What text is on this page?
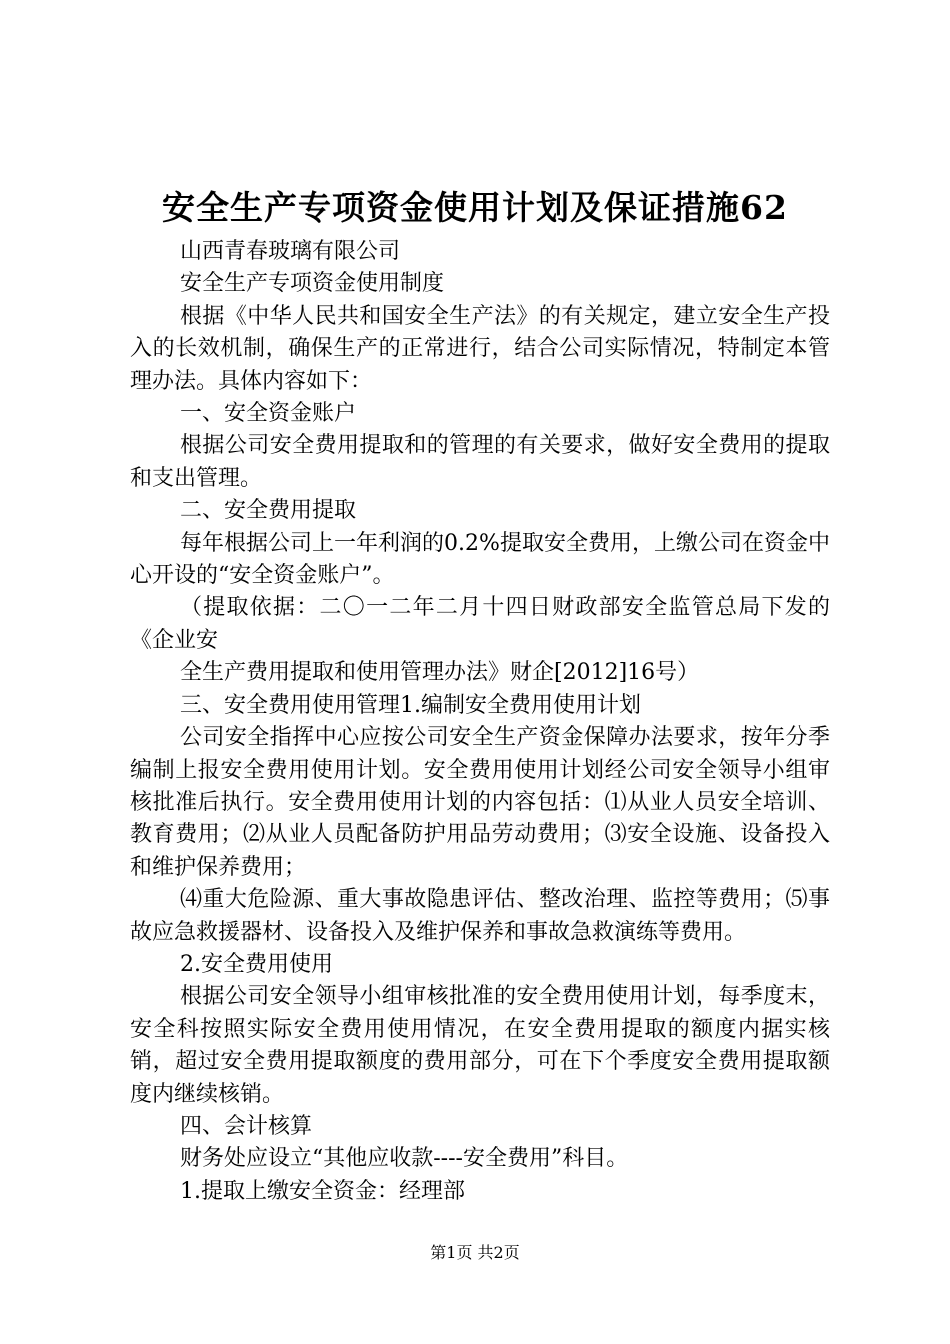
安全生产专项资金使用计划及保证措施62

山西青春玻璃有限公司

安全生产专项资金使用制度

根据《中华人民共和国安全生产法》的有关规定，建立安全生产投入的长效机制，确保生产的正常进行，结合公司实际情况，特制定本管理办法。具体内容如下：

一、安全资金账户

根据公司安全费用提取和的管理的有关要求，做好安全费用的提取和支出管理。

二、安全费用提取

每年根据公司上一年利润的0.2%提取安全费用，上缴公司在资金中心开设的“安全资金账户”。

（提取依据：二〇一二年二月十四日财政部安全监管总局下发的《企业安

全生产费用提取和使用管理办法》财企[2012]16号）

三、安全费用使用管理1.编制安全费用使用计划

公司安全指挥中心应按公司安全生产资金保障办法要求，按年分季编制上报安全费用使用计划。安全费用使用计划经公司安全领导小组审核批准后执行。安全费用使用计划的内容包括：⑴从业人员安全培训、教育费用；⑵从业人员配备防护用品劳动费用；⑶安全设施、设备投入和维护保养费用；

⑷重大危险源、重大事故隐患评估、整改治理、监控等费用；⑸事故应急救援器材、设备投入及维护保养和事故急救演练等费用。

2.安全费用使用

根据公司安全领导小组审核批准的安全费用使用计划，每季度末，安全科按照实际安全费用使用情况，在安全费用提取的额度内据实核销，超过安全费用提取额度的费用部分，可在下个季度安全费用提取额度内继续核销。

四、会计核算

财务处应设立“其他应收款----安全费用”科目。

1.提取上缴安全资金：经理部

第1页 共2页
